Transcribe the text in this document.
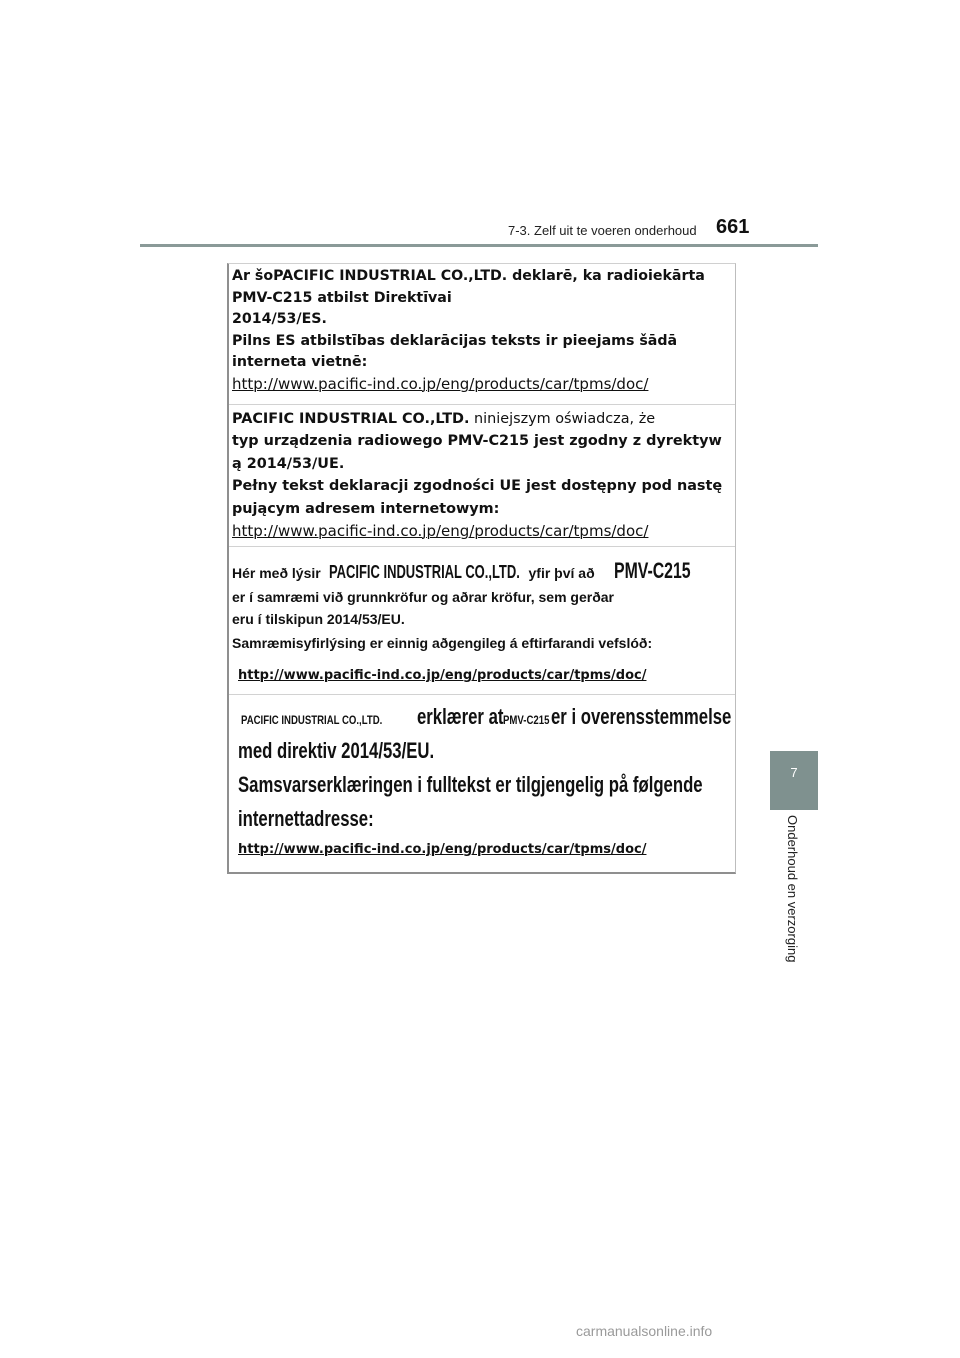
7-3. Zelf uit te voeren onderhoud 661
7
Onderhoud en verzorging
Ar šoPACIFIC INDUSTRIAL CO.,LTD. deklarē, ka radioiekārta
PMV-C215 atbilst Direktīvai
2014/53/ES.
Pilns ES atbilstības deklarācijas teksts ir pieejams šādā
interneta vietnē:
http://www.pacific-ind.co.jp/eng/products/car/tpms/doc/
PACIFIC INDUSTRIAL CO.,LTD. niniejszym oświadcza, że
typ urządzenia radiowego PMV-C215 jest zgodny z dyrektyw
ą 2014/53/UE.
Pełny tekst deklaracji zgodności UE jest dostępny pod nastę
pującym adresem internetowym:
http://www.pacific-ind.co.jp/eng/products/car/tpms/doc/
Hér með lýsir PACIFIC INDUSTRIAL CO.,LTD. yfir því að PMV-C215
er í samræmi við grunnkröfur og aðrar kröfur, sem gerðar
eru í tilskipun 2014/53/EU.
Samræmisyfirlýsing er einnig aðgengileg á eftirfarandi vefslóð:
http://www.pacific-ind.co.jp/eng/products/car/tpms/doc/
PACIFIC INDUSTRIAL CO.,LTD. erklærer atPMV-C215er i overensstemmelse
med direktiv 2014/53/EU.
Samsvarserklæringen i fulltekst er tilgjengelig på følgende
internettadresse:
http://www.pacific-ind.co.jp/eng/products/car/tpms/doc/
carmanualsonline.info
